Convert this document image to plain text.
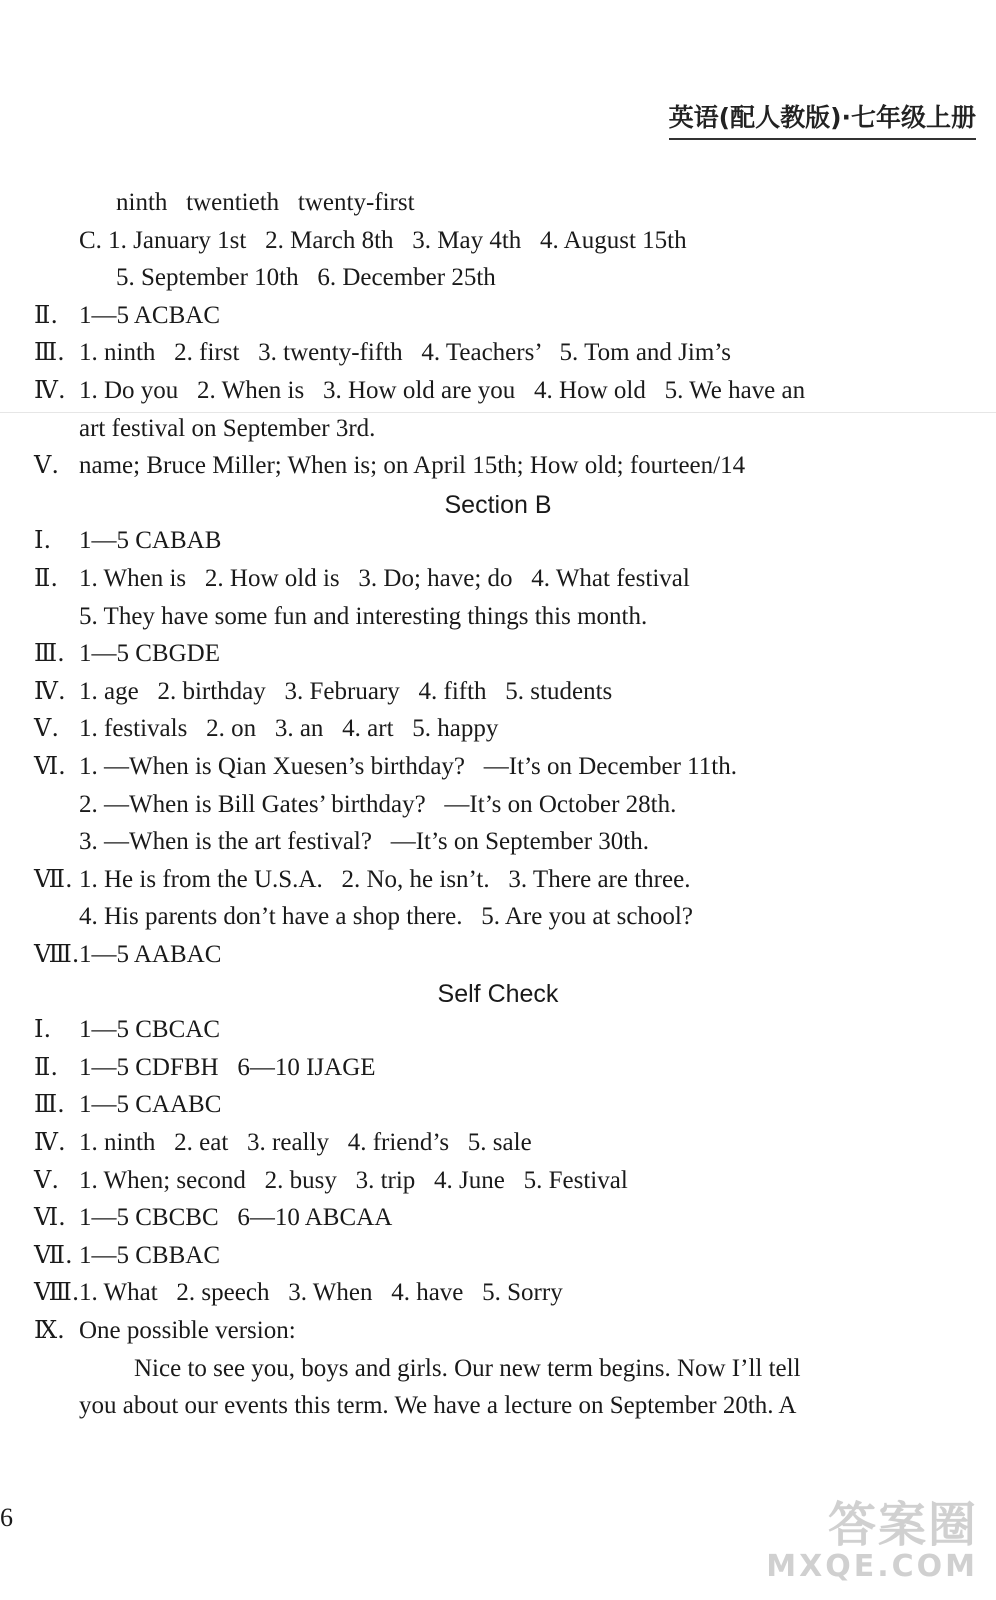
英语(配人教版)·七年级上册
ninth   twentieth   twenty-first
C. 1. January 1st   2. March 8th   3. May 4th   4. August 15th
5. September 10th   6. December 25th
Ⅱ. 1—5 ACBAC
Ⅲ. 1. ninth   2. first   3. twenty-fifth   4. Teachers’   5. Tom and Jim’s
Ⅳ. 1. Do you   2. When is   3. How old are you   4. How old   5. We have an
art festival on September 3rd.
Ⅴ. name; Bruce Miller; When is; on April 15th; How old; fourteen/14
Section B
Ⅰ.	1—5 CABAB
Ⅱ. 1. When is   2. How old is   3. Do; have; do   4. What festival
5. They have some fun and interesting things this month.
Ⅲ. 1—5 CBGDE
Ⅳ. 1. age   2. birthday   3. February   4. fifth   5. students
Ⅴ. 1. festivals   2. on   3. an   4. art   5. happy
Ⅵ. 1. —When is Qian Xuesen’s birthday?   —It’s on December 11th.
2. —When is Bill Gates’ birthday?   —It’s on October 28th.
3. —When is the art festival?   —It’s on September 30th.
Ⅶ. 1. He is from the U.S.A.   2. No, he isn’t.   3. There are three.
4. His parents don’t have a shop there.   5. Are you at school?
Ⅷ. 1—5 AABAC
Self Check
Ⅰ.	1—5 CBCAC
Ⅱ. 1—5 CDFBH   6—10 IJAGE
Ⅲ. 1—5 CAABC
Ⅳ. 1. ninth   2. eat   3. really   4. friend’s   5. sale
Ⅴ. 1. When; second   2. busy   3. trip   4. June   5. Festival
Ⅵ. 1—5 CBCBC   6—10 ABCAA
Ⅶ. 1—5 CBBAC
Ⅷ. 1. What   2. speech   3. When   4. have   5. Sorry
Ⅸ. One possible version:
Nice to see you, boys and girls. Our new term begins. Now I’ll tell
you about our events this term. We have a lecture on September 20th. A
6	答案圈
MXQE.COM
